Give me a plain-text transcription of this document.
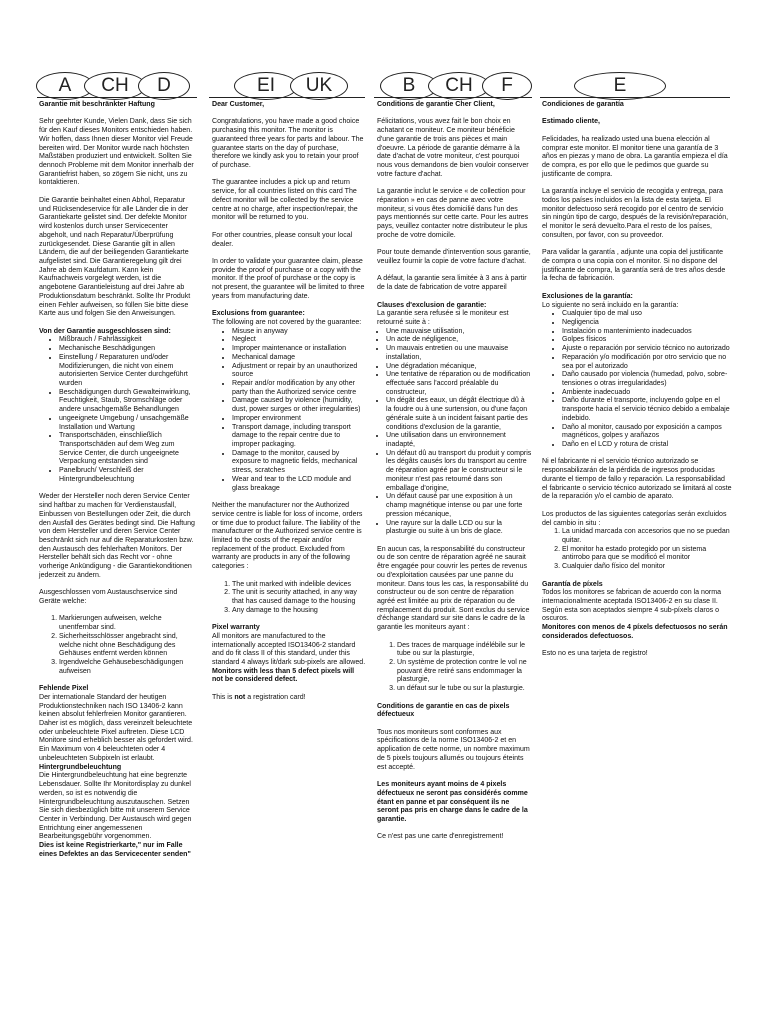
A	CH	D	EI	UK	B	CH	F	E

Garantie mit beschränkter Haftung

Sehr geehrter Kunde, Vielen Dank, dass Sie sich für den Kauf dieses Monitors entschieden haben. Wir hoffen, dass Ihnen dieser Monitor viel Freude bereiten wird. Der Monitor wurde nach höchsten Maßstäben produziert und entwickelt. Sollten Sie dennoch Probleme mit dem Monitor innerhalb der Garantiefrist haben, so zögern Sie nicht, uns zu kontaktieren.

Die Garantie beinhaltet einen Abhol, Reparatur und Rücksendeservice für alle Länder die in der Garantiekarte gelistet sind. Der defekte Monitor wird kostenlos durch unser Servicecenter abgeholt, und nach Reparatur/Überprüfung zurückgesendet. Diese Garantie gilt in allen Ländern, die auf der beiliegenden Garantiekarte aufgelistet sind. Die Garantieregelung gilt drei Jahre ab dem Kaufdatum. Kann kein Kaufnachweis vorgelegt werden, ist die angebotene Garantieleistung auf drei Jahre ab Produktionsdatum beschränkt. Sollte Ihr Produkt einen Fehler aufweisen, so füllen Sie bitte diese Karte aus und folgen Sie den Anweisungen.

Von der Garantie ausgeschlossen sind:
• Mißbrauch / Fahrlässigkeit
• Mechanische Beschädigungen
• Einstellung / Reparaturen und/oder Modifizierungen, die nicht von einem autorisierten Service Center durchgeführt wurden
• Beschädigungen durch Gewalteinwirkung, Feuchtigkeit, Staub, Stromschläge oder andere unsachgemäße Behandlungen
• ungeeignete Umgebung / unsachgemäße Installation und Wartung
• Transportschäden, einschließlich Transportschäden auf dem Weg zum Service Center, die durch ungeeignete Verpackung entstanden sind
• Panelbruch/ Verschleiß der Hintergrundbeleuchtung

Weder der Hersteller noch deren Service Center sind haftbar zu machen für Verdienstausfall, Einbussen von Bestellungen oder Zeit, die durch den Ausfall des Gerätes bedingt sind. Die Haftung von dem Hersteller und deren Service Center beschränkt sich nur auf die Reparaturkosten bzw. den Austausch des fehlerhaften Monitors. Der Hersteller behält sich das Recht vor - ohne vorherige Ankündigung - die Garantiekonditionen jederzeit zu ändern.

Ausgeschlossen vom Austauschservice sind Geräte welche:

1. Markierungen aufweisen, welche unentfernbar sind.
2. Sicherheitsschlösser angebracht sind, welche nicht ohne Beschädigung des Gehäuses entfernt werden können
3. Irgendwelche Gehäusebeschädigungen aufweisen
Fehlende Pixel
Der internationale Standard der heutigen Produktionstechniken nach ISO 13406-2 kann keinen absolut fehlerfreien Monitor garantieren. Daher ist es möglich, dass vereinzelt beleuchtete oder unbeleuchtete Pixel auftreten. Diese LCD Monitore sind erheblich besser als gefordert wird. Ein Maximum von 4 beleuchteten oder 4 unbeleuchteten Subpixeln ist erlaubt.
Hintergrundbeleuchtung
Die Hintergrundbeleuchtung hat eine begrenzte Lebensdauer. Sollte Ihr Monitordisplay zu dunkel werden, so ist es notwendig die Hintergrundbeleuchtung auszutauschen. Setzen Sie sich diesbezüglich bitte mit unserem Service Center in Verbindung. Der Austausch wird gegen Entrichtung einer angemessenen Bearbeitungsgebühr vorgenommen.
Dies ist keine Registrierkarte," nur im Falle eines Defektes an das Servicecenter senden"

Dear Customer,

Congratulations, you have made a good choice purchasing this monitor. The monitor is guaranteed three years for parts and labour. The guarantee starts on the day of purchase, therefore we kindly ask you to retain your proof of purchase.

The guarantee includes a pick up and return service, for all countries listed on this card The defect monitor will be collected by the service centre at no charge, after inspection/repair, the monitor will be returned to you.

For other countries, please consult your local dealer.

In order to validate your guarantee claim, please provide the proof of purchase or a copy with the monitor. If the proof of purchase or the copy is not present, the guarantee will be limited to three years from manufacturing date.

Exclusions from guarantee:
The following are not covered by the guarantee:
• Misuse in anyway
• Neglect
• Improper maintenance or installation
• Mechanical damage
• Adjustment or repair by an unauthorized source
• Repair and/or modification by any other party than the Authorized service centre
• Damage caused by violence (humidity, dust, power surges or other irregularities)
• Improper environment
• Transport damage, including transport damage to the repair centre due to improper packaging.
• Damage to the monitor, caused by exposure to magnetic fields, mechanical stress, scratches
• Wear and tear to the LCD module and glass breakage

Neither the manufacturer nor the Authorized service centre is liable for loss of income, orders or time due to product failure. The liability of the manufacturer or the Authorized service centre is limited to the costs of the repair and/or replacement of the product. Excluded from warranty are products in any of the following categories :

1. The unit marked with indelible devices
2. The unit is security attached, in any way that has caused damage to the housing
3. Any damage to the housing
Pixel warranty
All monitors are manufactured to the internationally accepted ISO13406-2 standard and do fit class II of this standard, under this standard 4 always lit/dark sub-pixels are allowed.

Monitors with less than 5 defect pixels will not be considered defect.

This is not a registration card!

Conditions de garantie Cher Client,

Félicitations, vous avez fait le bon choix en achatant ce moniteur. Ce moniteur bénéficie d'une garantie de trois ans pièces et main d'oeuvre. La période de garantie démarre à la date d'achat de votre moniteur, c'est pourquoi nous vous demandons de bien vouloir conserver votre facture d'achat.

La garantie inclut le service « de collection pour réparation » en cas de panne avec votre moniteur, si vous êtes domicilié dans l'un des pays mentionnés sur cette carte. Pour les autres pays, veuillez contacter notre distributeur le plus proche de votre domicile.

Pour toute demande d'intervention sous garantie, veuillez fournir la copie de votre facture d'achat.

A défaut, la garantie sera limitée à 3 ans à partir de la date de fabrication de votre appareil

Clauses d'exclusion de garantie:
La garantie sera refusée si le moniteur est retourné suite à :
• Une mauvaise utilisation,
• Un acte de négligence,
• Un mauvais entretien ou une mauvaise installation,
• Une dégradation mécanique,
• Une tentative de réparation ou de modification effectuée sans l'accord préalable du constructeur,
• Un dégât des eaux, un dégât électrique dû à la foudre ou à une surtension, ou d'une façon générale suite à un incident faisant partie des conditions d'exclusion de la garantie,
• Une utilisation dans un environnement inadapté,
• Un défaut dû au transport du produit y compris les dégâts causés lors du transport au centre de réparation agréé par le constructeur si le moniteur n'est pas retourné dans son emballage d'origine,
• Un défaut causé par une exposition à un champ magnétique intense ou par une forte pression mécanique,
• Une rayure sur la dalle LCD ou sur la plasturgie ou suite à un bris de glace.

En aucun cas, la responsabilité du constructeur ou de son centre de réparation agréé ne saurait être engagée pour couvrir les pertes de revenus ou d'exploitation causées par une panne du moniteur. Dans tous les cas, la responsabilité du constructeur ou de son centre de réparation agréé est limitée au prix de réparation ou de remplacement du produit. Sont exclus du service d'échange standard sur site dans le cadre de la garantie les moniteurs ayant :

1. Des traces de marquage indélébile sur le tube ou sur la plasturgie,
2. Un système de protection contre le vol ne pouvant être retiré sans endommager la plasturgie,
3. un défaut sur le tube ou sur la plasturgie.

Conditions de garantie en cas de pixels défectueux

Tous nos moniteurs sont conformes aux spécifications de la norme ISO13406-2 et en application de cette norme, un nombre maximum de 5 pixels toujours allumés ou toujours éteints est accepté.

Les moniteurs ayant moins de 4 pixels défectueux ne seront pas considérés comme étant en panne et par conséquent ils ne seront pas pris en charge dans le cadre de la garantie.

Ce n'est pas une carte d'enregistrement!

Condiciones de garantía

Estimado cliente,

Felicidades, ha realizado usted una buena elección al comprar este monitor. El monitor tiene una garantía de 3 años en piezas y mano de obra. La garantía empieza el día de compra, es por ello que le pedimos que guarde su justificante de compra.

La garantía incluye el servicio de recogida y entrega, para todos los países incluidos en la lista de esta tarjeta. El monitor defectuoso será recogido por el centro de servicio sin ningún tipo de cargo, después de la revisión/reparación, el monitor le será devuelto.Para el resto de los países, consulten, por favor, con su proveedor.

Para validar la garantía , adjunte una copia del justificante de compra o una copia con el monitor. Si no dispone del justificante de compra, la garantía será de tres años desde la fecha de fabricación.

Exclusiones de la garantía:
Lo siguiente no será incluido en la garantía:
• Cualquier tipo de mal uso
• Negligencia
• Instalación o mantenimiento inadecuados
• Golpes físicos
• Ajuste o reparación por servicio técnico no autorizado
• Reparación y/o modificación por otro servicio que no sea por el autorizado
• Daño causado por violencia (humedad, polvo, sobre-tensiones o otras irregularidades)
• Ambiente inadecuado
• Daño durante el transporte, incluyendo golpe en el transporte hacia el servicio técnico debido a embalaje indebido.
• Daño al monitor, causado por exposición a campos magnéticos, golpes y arañazos
• Daño en el LCD y rotura de cristal

Ni el fabricante ni el servicio técnico autorizado se responsabilizarán de la pérdida de ingresos producidas durante el tiempo de fallo y reparación. La responsabilidad el fabricante o servicio técnico autorizado se limitará al coste de la reparación y/o el cambio de aparato.

Los productos de las siguientes categorías serán excluidos del cambio in situ :
1. La unidad marcada con accesorios que no se puedan quitar.
2. El monitor ha estado protegido por un sistema antirrobo para que se modificó el monitor
3. Cualquier daño físico del monitor
Garantía de píxels
Todos los monitores se fabrican de acuerdo con la norma internacionalmente aceptada ISO13406-2 en su clase II. Según esta son aceptados siempre 4 sub-píxels claros o oscuros.

Monitores con menos de 4 píxels defectuosos no serán considerados defectuosos.

Esto no es una tarjeta de registro!
